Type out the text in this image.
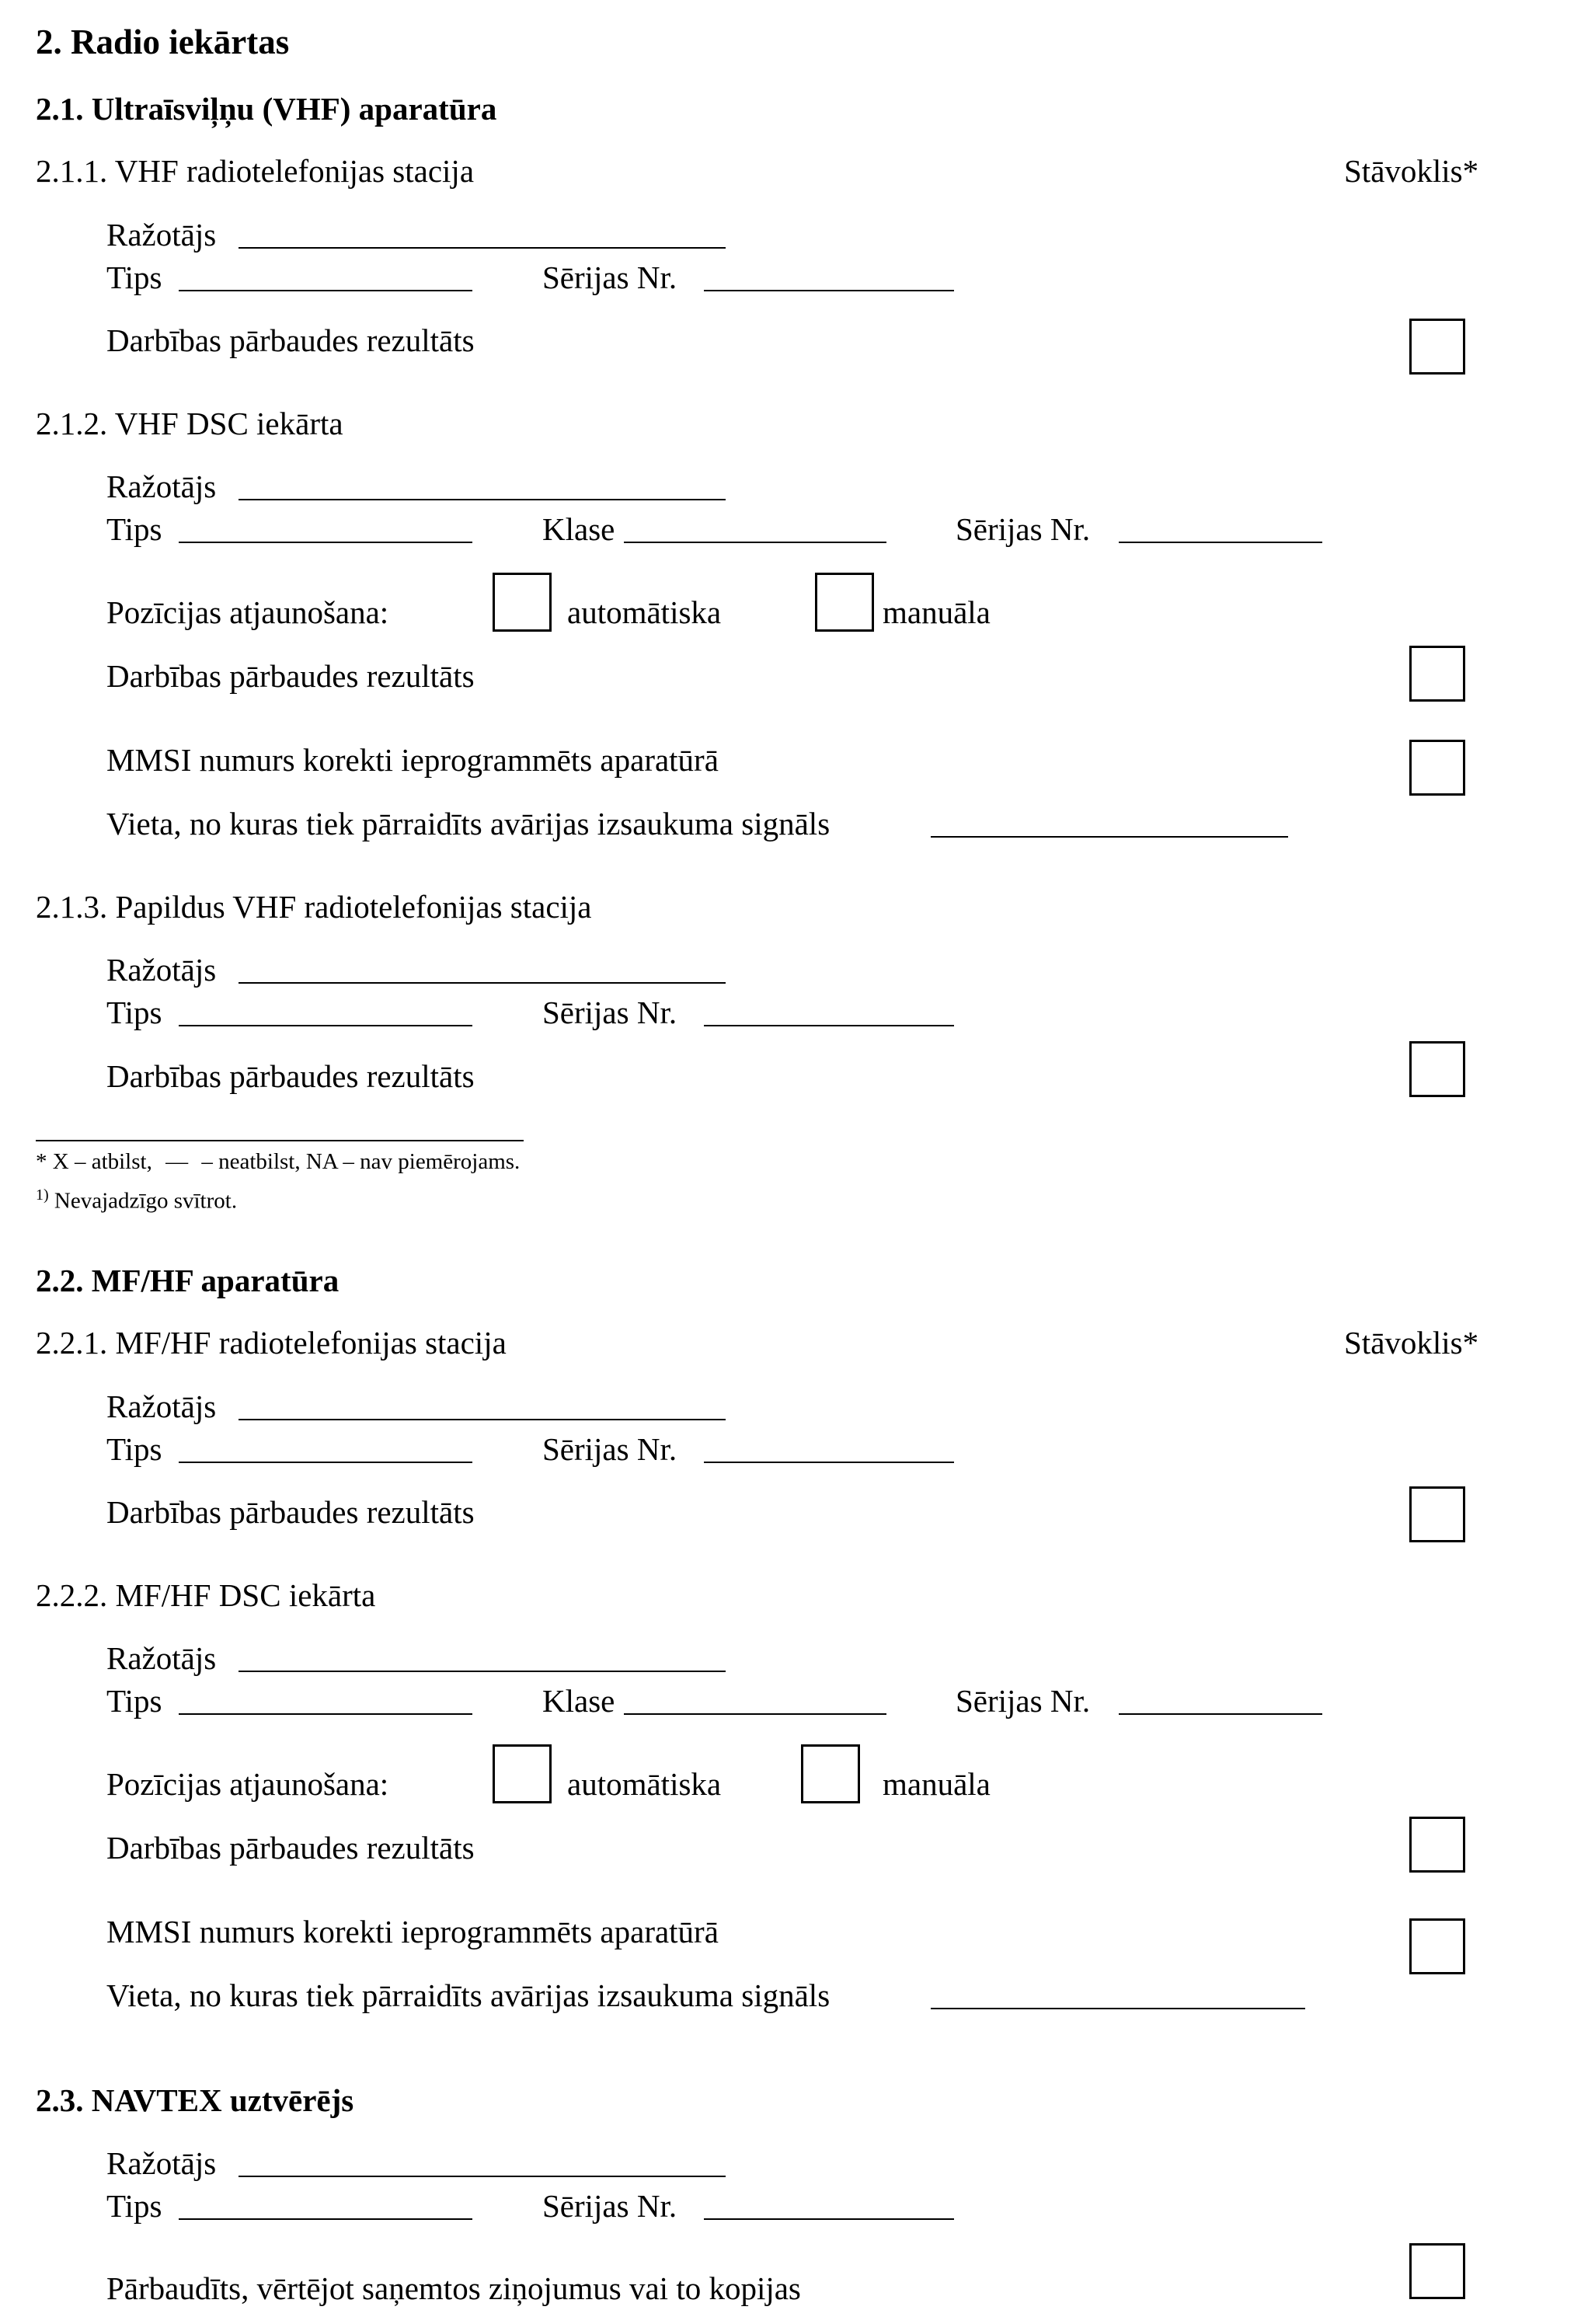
2. Radio iekārtas
2.1. Ultraīsviļņu (VHF) aparatūra
2.1.1. VHF radiotelefonijas stacija	Stāvoklis*
Ražotājs
Tips	Sērijas Nr.
Darbības pārbaudes rezultāts
2.1.2. VHF DSC iekārta
Ražotājs
Tips	Klase	Sērijas Nr.
Pozīcijas atjaunošana:	automātiska	manuāla
Darbības pārbaudes rezultāts
MMSI numurs korekti ieprogrammēts aparatūrā
Vieta, no kuras tiek pārraidīts avārijas izsaukuma signāls
2.1.3. Papildus VHF radiotelefonijas stacija
Ražotājs
Tips	Sērijas Nr.
Darbības pārbaudes rezultāts
* X – atbilst, — – neatbilst, NA – nav piemērojams.
$^{1)}$ Nevajadzīgo svītrot.
2.2. MF/HF aparatūra
2.2.1. MF/HF radiotelefonijas stacija	Stāvoklis*
Ražotājs
Tips	Sērijas Nr.
Darbības pārbaudes rezultāts
2.2.2. MF/HF DSC iekārta
Ražotājs
Tips	Klase	Sērijas Nr.
Pozīcijas atjaunošana:	automātiska	manuāla
Darbības pārbaudes rezultāts
MMSI numurs korekti ieprogrammēts aparatūrā
Vieta, no kuras tiek pārraidīts avārijas izsaukuma signāls
2.3. NAVTEX uztvērējs
Ražotājs
Tips	Sērijas Nr.
Pārbaudīts, vērtējot saņemtos ziņojumus vai to kopijas
